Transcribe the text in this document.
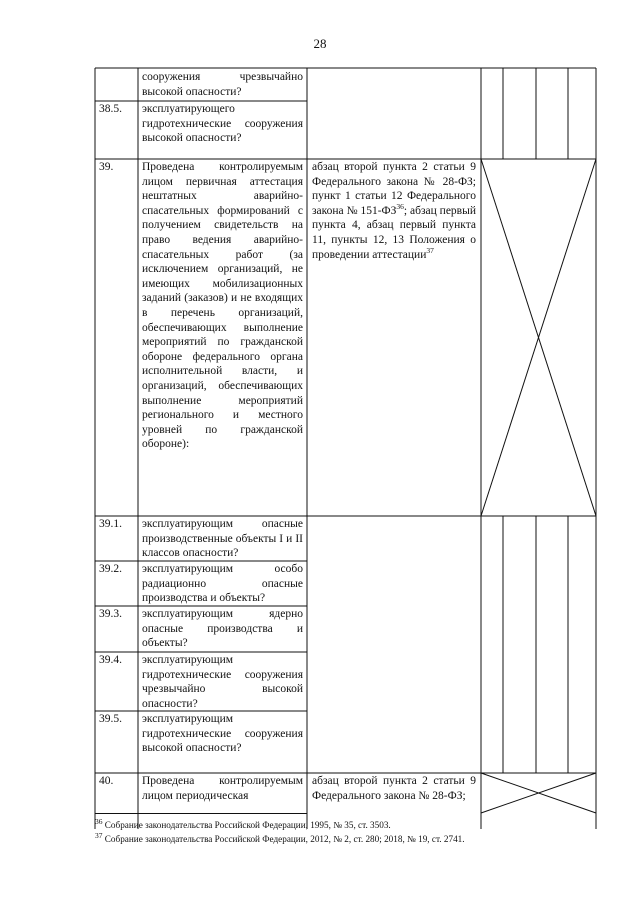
28
сооружения чрезвычайно высокой опасности?
38.5. эксплуатирующего гидротехнические сооружения высокой опасности?
39. Проведена контролируемым лицом первичная аттестация нештатных аварийно-спасательных формирований с получением свидетельств на право ведения аварийно-спасательных работ (за исключением организаций, не имеющих мобилизационных заданий (заказов) и не входящих в перечень организаций, обеспечивающих выполнение мероприятий по гражданской обороне федерального органа исполнительной власти, и организаций, обеспечивающих выполнение мероприятий регионального и местного уровней по гражданской обороне):
абзац второй пункта 2 статьи 9 Федерального закона № 28-ФЗ; пункт 1 статьи 12 Федерального закона № 151-ФЗ$^{36}$; абзац первый пункта 4, абзац первый пункта 11, пункты 12, 13 Положения о проведении аттестации$^{37}$
39.1. эксплуатирующим опасные производственные объекты I и II классов опасности?
39.2. эксплуатирующим особо радиационно опасные производства и объекты?
39.3. эксплуатирующим ядерно опасные производства и объекты?
39.4. эксплуатирующим гидротехнические сооружения чрезвычайно высокой опасности?
39.5. эксплуатирующим гидротехнические сооружения высокой опасности?
40. Проведена контролируемым лицом периодическая
абзац второй пункта 2 статьи 9 Федерального закона № 28-ФЗ;
$^{36}$ Собрание законодательства Российской Федерации, 1995, № 35, ст. 3503.
$^{37}$ Собрание законодательства Российской Федерации, 2012, № 2, ст. 280; 2018, № 19, ст. 2741.
